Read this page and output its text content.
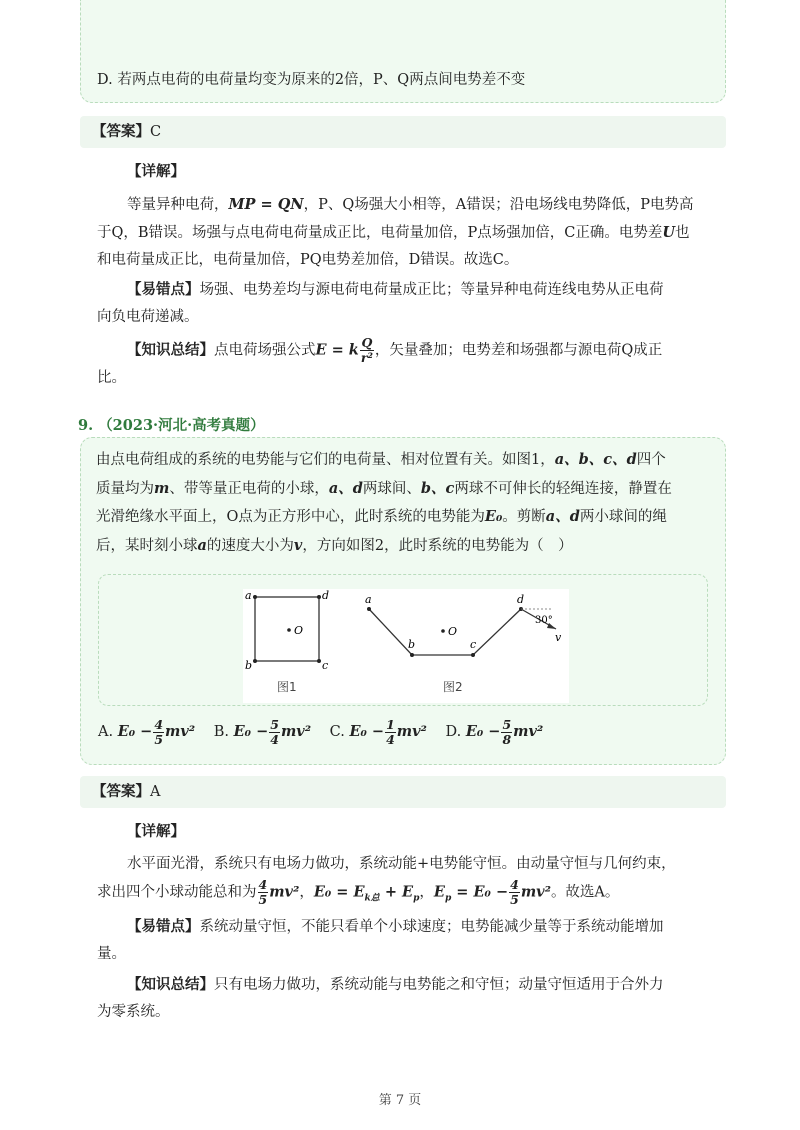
D. 若两点电荷的电荷量均变为原来的2倍，P、Q两点间电势差不变
【答案】C
【详解】
等量异种电荷，MP = QN，P、Q场强大小相等，A错误；沿电场线电势降低，P电势高
于Q，B错误。场强与点电荷电荷量成正比，电荷量加倍，P点场强加倍，C正确。电势差U也
和电荷量成正比，电荷量加倍，PQ电势差加倍，D错误。故选C。
【易错点】场强、电势差均与源电荷电荷量成正比；等量异种电荷连线电势从正电荷
向负电荷递减。
【知识总结】点电荷场强公式E = k $\frac{Q}{\text{r²}}$ ，矢量叠加；电势差和场强都与源电荷Q成正
比。
9. （2023·河北·高考真题）
由点电荷组成的系统的电势能与它们的电荷量、相对位置有关。如图1，a、b、c、d四个
质量均为m、带等量正电荷的小球，a、d两球间、b、c两球不可伸长的轻绳连接，静置在
光滑绝缘水平面上，O点为正方形中心，此时系统的电势能为E₀。剪断a、d两小球间的绳
后，某时刻小球a的速度大小为v，方向如图2，此时系统的电势能为（　）
a	d
b	c
O
图1
a
b	c
d
O
30°
v
图2
A. $E_0 - \frac{4}{5} mv^2$ B. $E_0 - \frac{5}{4} mv^2$ C. $E_0 - \frac{1}{4} mv^2$ D. $E_0 - \frac{5}{8} mv^2$
【答案】A
【详解】
水平面光滑，系统只有电场力做功，系统动能+电势能守恒。由动量守恒与几何约束，
求出四个小球动能总和为 $\frac{4}{5} mv^2$，$E_0 = E_{k总} + E_p$，$E_p = E_0 - \frac{4}{5} mv^2$。故选A。
【易错点】系统动量守恒，不能只看单个小球速度；电势能减少量等于系统动能增加
量。
【知识总结】只有电场力做功，系统动能与电势能之和守恒；动量守恒适用于合外力
为零系统。
第 7 页
